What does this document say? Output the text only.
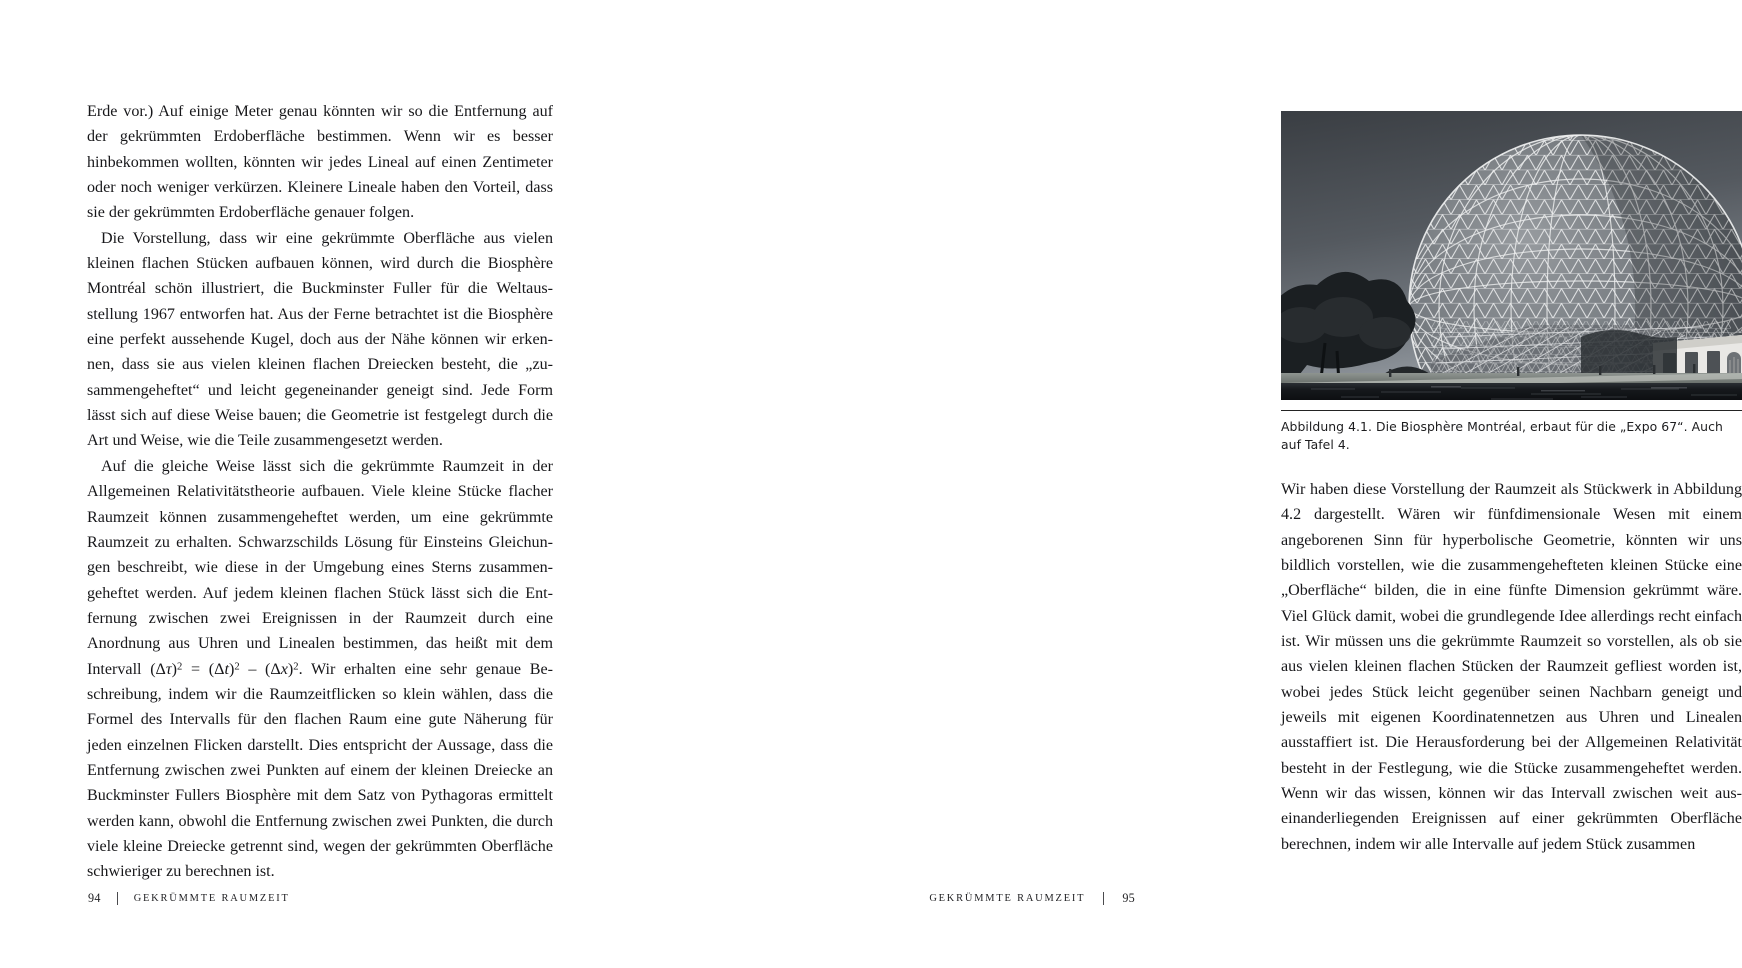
Erde vor.) Auf einige Meter genau könnten wir so die Entfernung auf der gekrümmten Erdoberfläche bestimmen. Wenn wir es besser hinbekommen wollten, könnten wir jedes Lineal auf einen Zentimeter oder noch weniger verkürzen. Kleinere Lineale haben den Vorteil, dass sie der gekrümmten Erdoberfläche genauer folgen.

Die Vorstellung, dass wir eine gekrümmte Oberfläche aus vielen kleinen flachen Stücken aufbauen können, wird durch die Biosphère Montréal schön illustriert, die Buckminster Fuller für die Weltausstellung 1967 entworfen hat. Aus der Ferne betrachtet ist die Biosphère eine perfekt aussehende Kugel, doch aus der Nähe können wir erkennen, dass sie aus vielen kleinen flachen Dreiecken besteht, die „zusammengeheftet“ und leicht gegeneinander geneigt sind. Jede Form lässt sich auf diese Weise bauen; die Geometrie ist festgelegt durch die Art und Weise, wie die Teile zusammengesetzt werden.

Auf die gleiche Weise lässt sich die gekrümmte Raumzeit in der Allgemeinen Relativitätstheorie aufbauen. Viele kleine Stücke flacher Raumzeit können zusammengeheftet werden, um eine gekrümmte Raumzeit zu erhalten. Schwarzschilds Lösung für Einsteins Gleichungen beschreibt, wie diese in der Umgebung eines Sterns zusammengeheftet werden. Auf jedem kleinen flachen Stück lässt sich die Entfernung zwischen zwei Ereignissen in der Raumzeit durch eine Anordnung aus Uhren und Linealen bestimmen, das heißt mit dem Intervall $(\Delta\tau)^2 = (\Delta t)^2 - (\Delta x)^2$. Wir erhalten eine sehr genaue Beschreibung, indem wir die Raumzeitflicken so klein wählen, dass die Formel des Intervalls für den flachen Raum eine gute Näherung für jeden einzelnen Flicken darstellt. Dies entspricht der Aussage, dass die Entfernung zwischen zwei Punkten auf einem der kleinen Dreiecke an Buckminster Fullers Biosphère mit dem Satz von Pythagoras ermittelt werden kann, obwohl die Entfernung zwischen zwei Punkten, die durch viele kleine Dreiecke getrennt sind, wegen der gekrümmten Oberfläche schwieriger zu berechnen ist.

94	GEKRÜMMTE RAUMZEIT
Abbildung 4.1. Die Biosphère Montréal, erbaut für die „Expo 67“. Auch auf Tafel 4.

Wir haben diese Vorstellung der Raumzeit als Stückwerk in Abbildung 4.2 dargestellt. Wären wir fünfdimensionale Wesen mit einem angeborenen Sinn für hyperbolische Geometrie, könnten wir uns bildlich vorstellen, wie die zusammengehefteten kleinen Stücke eine „Oberfläche“ bilden, die in eine fünfte Dimension gekrümmt wäre. Viel Glück damit, wobei die grundlegende Idee allerdings recht einfach ist. Wir müssen uns die gekrümmte Raumzeit so vorstellen, als ob sie aus vielen kleinen flachen Stücken der Raumzeit gefliest worden ist, wobei jedes Stück leicht gegenüber seinen Nachbarn geneigt und jeweils mit eigenen Koordinatennetzen aus Uhren und Linealen ausstaffiert ist. Die Herausforderung bei der Allgemeinen Relativität besteht in der Festlegung, wie die Stücke zusammengeheftet werden. Wenn wir das wissen, können wir das Intervall zwischen weit auseinanderliegenden Ereignissen auf einer gekrümmten Oberfläche berechnen, indem wir alle Intervalle auf jedem Stück zusammen

GEKRÜMMTE RAUMZEIT	95
